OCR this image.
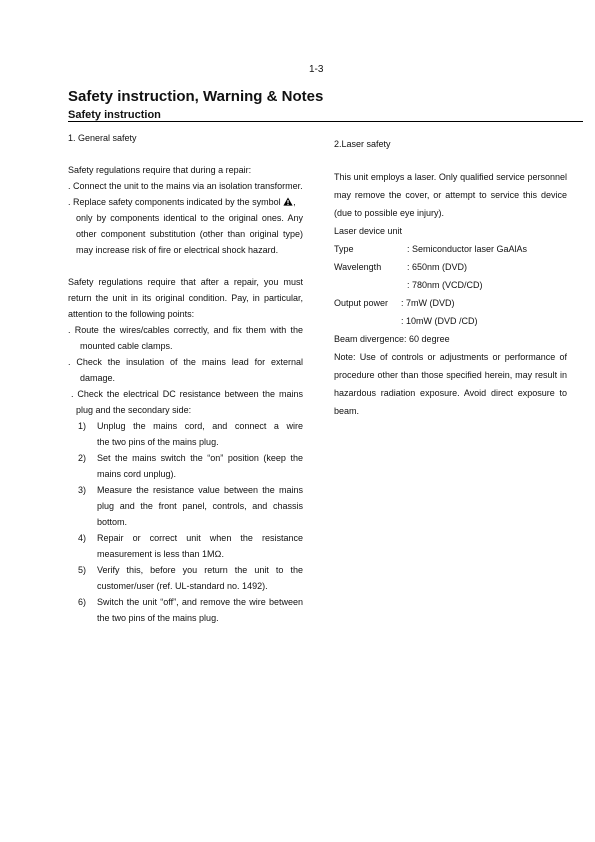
1-3
Safety instruction, Warning & Notes
Safety instruction
1. General safety
Safety regulations require that during a repair:
. Connect the unit to the mains via an isolation transformer.
. Replace safety components indicated by the symbol ,
only by components identical to the original ones. Any
other component substitution (other than original type)
may increase risk of fire or electrical shock hazard.
Safety regulations require that after a repair, you must
return the unit in its original condition. Pay, in particular,
attention to the following points:
. Route the wires/cables correctly, and fix them with the
mounted cable clamps.
. Check the insulation of the mains lead for external
damage.
. Check the electrical DC resistance between the mains
plug and the secondary side:
1) Unplug the mains cord, and connect a wire
the two pins of the mains plug.
2) Set the mains switch the “on” position (keep the
mains cord unplug).
3) Measure the resistance value between the mains
plug and the front panel, controls, and chassis
bottom.
4) Repair or correct unit when the resistance
measurement is less than 1MΩ.
5) Verify this, before you return the unit to the
customer/user (ref. UL-standard no. 1492).
6) Switch the unit “off”, and remove the wire between
the two pins of the mains plug.
2.Laser safety
This unit employs a laser. Only qualified service personnel
may remove the cover, or attempt to service this device
(due to possible eye injury).
Laser device unit
Type	: Semiconductor laser GaAlAs
Wavelength	: 650nm (DVD)
: 780nm (VCD/CD)
Output power	: 7mW (DVD)
: 10mW (DVD /CD)
Beam divergence: 60 degree
Note: Use of controls or adjustments or performance of
procedure other than those specified herein, may result in
hazardous radiation exposure. Avoid direct exposure to
beam.
